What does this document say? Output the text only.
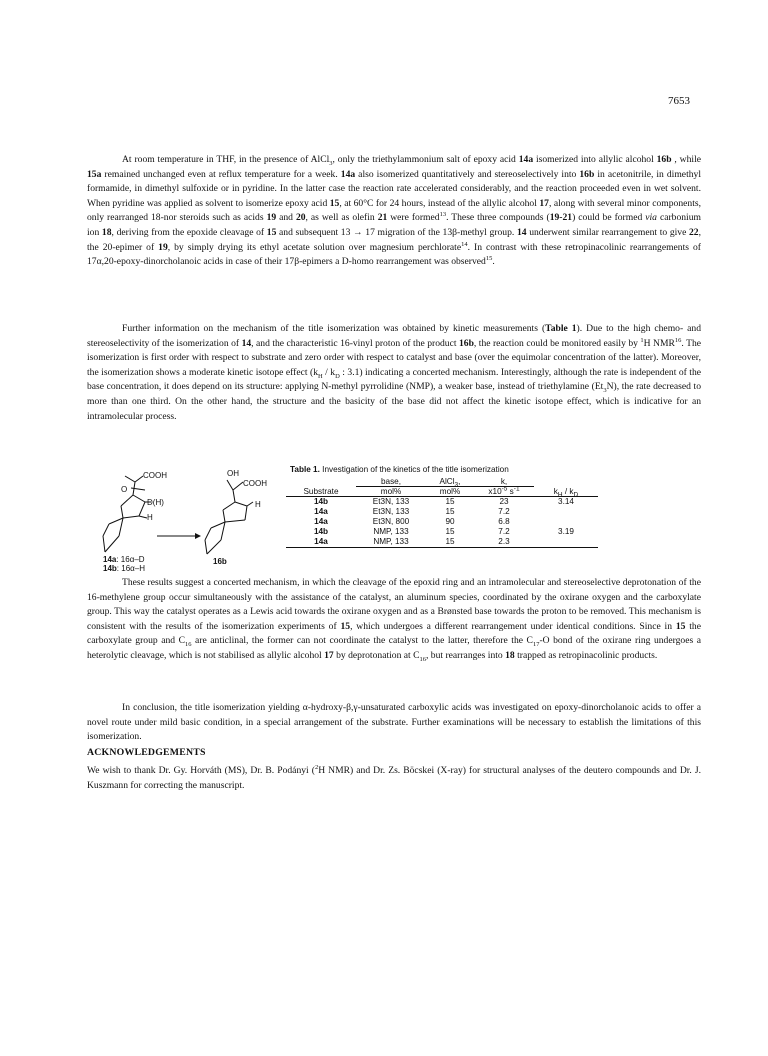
7653

At room temperature in THF, in the presence of AlCl$_3$, only the triethylammonium salt of epoxy acid 14a isomerized into allylic alcohol 16b , while 15a remained unchanged even at reflux temperature for a week. 14a also isomerized quantitatively and stereoselectively into 16b in acetonitrile, in dimethyl formamide, in dimethyl sulfoxide or in pyridine. In the latter case the reaction rate accelerated considerably, and the reaction proceeded even in wet solvent. When pyridine was applied as solvent to isomerize epoxy acid 15, at 60°C for 24 hours, instead of the allylic alcohol 17, along with several minor components, only rearranged 18-nor steroids such as acids 19 and 20, as well as olefin 21 were formed$^{13}$. These three compounds (19-21) could be formed via carbonium ion 18, deriving from the epoxide cleavage of 15 and subsequent 13 → 17 migration of the 13β-methyl group. 14 underwent similar rearrangement to give 22, the 20-epimer of 19, by simply drying its ethyl acetate solution over magnesium perchlorate$^{14}$. In contrast with these retropinacolinic rearrangements of 17α,20-epoxy-dinorcholanoic acids in case of their 17β-epimers a D-homo rearrangement was observed$^{15}$.

Further information on the mechanism of the title isomerization was obtained by kinetic measurements (Table 1). Due to the high chemo- and stereoselectivity of the isomerization of 14, and the characteristic 16-vinyl proton of the product 16b, the reaction could be monitored easily by $^1$H NMR$^{16}$. The isomerization is first order with respect to substrate and zero order with respect to catalyst and base (over the equimolar concentration of the latter). Moreover, the isomerization shows a moderate kinetic isotope effect ($k_H / k_D$ : 3.1) indicating a concerted mechanism. Interestingly, although the rate is independent of the base concentration, it does depend on its structure: applying N-methyl pyrrolidine (NMP), a weaker base, instead of triethylamine $(Et_3N)$, the rate decreased to more than one third. On the other hand, the structure and the basicity of the base did not affect the kinetic isotope effect, which is indicative for an intramolecular process.

COOH
O
D(H)
H
14a: 16α–D
14b: 16α–H
OH
COOH
H
16b
Table 1. Investigation of the kinetics of the title isomerization
	base,	AlCl$_3$,	k,	
Substrate	mol%	mol%	$x10^{-5}$ $s^{-1}$	$k_H / k_D$
14b	Et3N, 133	15	23	3.14
14a	Et3N, 133	15	7.2	
14a	Et3N, 800	90	6.8	
14b	NMP, 133	15	7.2	3.19
14a	NMP, 133	15	2.3	

These results suggest a concerted mechanism, in which the cleavage of the epoxid ring and an intramolecular and stereoselective deprotonation of the 16-methylene group occur simultaneously with the assistance of the catalyst, an aluminum species, coordinated by the oxirane oxygen and the carboxylate group. This way the catalyst operates as a Lewis acid towards the oxirane oxygen and as a Brønsted base towards the proton to be removed. This mechanism is consistent with the results of the isomerization experiments of 15, which undergoes a different rearrangement under identical conditions. Since in 15 the carboxylate group and $C_{16}$ are anticlinal, the former can not coordinate the catalyst to the latter, therefore the $C_{17}-O$ bond of the oxirane ring undergoes a heterolytic cleavage, which is not stabilised as allylic alcohol 17 by deprotonation at $C_{16}$, but rearranges into 18 trapped as retropinacolinic products.

In conclusion, the title isomerization yielding α-hydroxy-β,γ-unsaturated carboxylic acids was investigated on epoxy-dinorcholanoic acids to offer a novel route under mild basic condition, in a special arrangement of the substrate. Further examinations will be necessary to establish the limitations of this isomerization.

ACKNOWLEDGEMENTS

We wish to thank Dr. Gy. Horváth (MS), Dr. B. Podányi ($^2$H NMR) and Dr. Zs. Böcskei (X-ray) for structural analyses of the deutero compounds and Dr. J. Kuszmann for correcting the manuscript.
